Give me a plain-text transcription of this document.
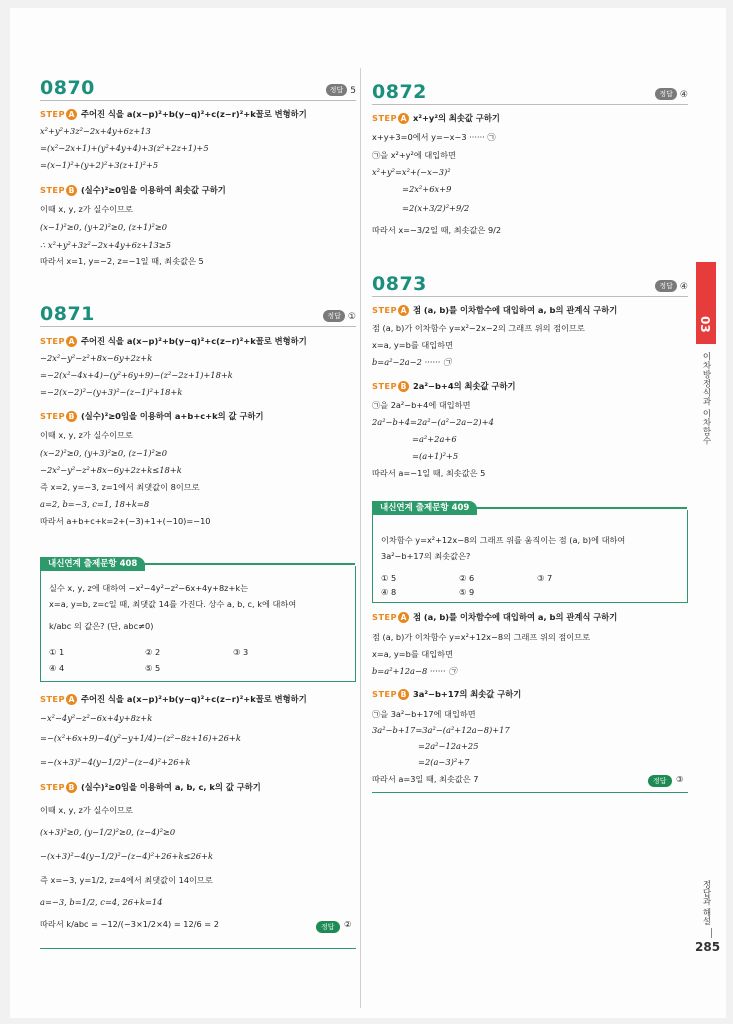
0870	정답 5
STEP A 주어진 식을 a(x−p)²+b(y−q)²+c(z−r)²+k꼴로 변형하기
x²+y²+3z²−2x+4y+6z+13
=(x²−2x+1)+(y²+4y+4)+3(z²+2z+1)+5
=(x−1)²+(y+2)²+3(z+1)²+5
STEP B (실수)²≥0임을 이용하여 최솟값 구하기
이때 x, y, z가 실수이므로
(x−1)²≥0, (y+2)²≥0, (z+1)²≥0
∴ x²+y²+3z²−2x+4y+6z+13≥5
따라서 x=1, y=−2, z=−1일 때, 최솟값은 5
0871	정답 ①
STEP A 주어진 식을 a(x−p)²+b(y−q)²+c(z−r)²+k꼴로 변형하기
−2x²−y²−z²+8x−6y+2z+k
=−2(x²−4x+4)−(y²+6y+9)−(z²−2z+1)+18+k
=−2(x−2)²−(y+3)²−(z−1)²+18+k
STEP B (실수)²≥0임을 이용하여 a+b+c+k의 값 구하기
이때 x, y, z가 실수이므로
(x−2)²≥0, (y+3)²≥0, (z−1)²≥0
−2x²−y²−z²+8x−6y+2z+k≤18+k
즉 x=2, y=−3, z=1에서 최댓값이 8이므로
a=2, b=−3, c=1, 18+k=8
따라서 a+b+c+k=2+(−3)+1+(−10)=−10
내신연계 출제문항 408
실수 x, y, z에 대하여 −x²−4y²−z²−6x+4y+8z+k는
x=a, y=b, z=c일 때, 최댓값 14를 가진다. 상수 a, b, c, k에 대하여
k/abc 의 값은? (단, abc≠0)
① 1	② 2	③ 3
④ 4	⑤ 5
STEP A 주어진 식을 a(x−p)²+b(y−q)²+c(z−r)²+k꼴로 변형하기
−x²−4y²−z²−6x+4y+8z+k
=−(x²+6x+9)−4(y²−y+1/4)−(z²−8z+16)+26+k
=−(x+3)²−4(y−1/2)²−(z−4)²+26+k
STEP B (실수)²≥0임을 이용하여 a, b, c, k의 값 구하기
이때 x, y, z가 실수이므로
(x+3)²≥0, (y−1/2)²≥0, (z−4)²≥0
−(x+3)²−4(y−1/2)²−(z−4)²+26+k≤26+k
즉 x=−3, y=1/2, z=4에서 최댓값이 14이므로
a=−3, b=1/2, c=4, 26+k=14
따라서 k/abc = −12/(−3×1/2×4) = 12/6 = 2	정답	②
0872	정답 ④
STEP A x²+y²의 최솟값 구하기
x+y+3=0에서 y=−x−3 ······ ㉠
㉠을 x²+y²에 대입하면
x²+y²=x²+(−x−3)²
=2x²+6x+9
=2(x+3/2)²+9/2
따라서 x=−3/2일 때, 최솟값은 9/2
0873	정답 ④
STEP A 점 (a, b)를 이차함수에 대입하여 a, b의 관계식 구하기
점 (a, b)가 이차함수 y=x²−2x−2의 그래프 위의 점이므로
x=a, y=b를 대입하면
b=a²−2a−2 ······ ㉠
STEP B 2a²−b+4의 최솟값 구하기
㉠을 2a²−b+4에 대입하면
2a²−b+4=2a²−(a²−2a−2)+4
=a²+2a+6
=(a+1)²+5
따라서 a=−1일 때, 최솟값은 5
내신연계 출제문항 409
이차함수 y=x²+12x−8의 그래프 위를 움직이는 점 (a, b)에 대하여
3a²−b+17의 최솟값은?
① 5	② 6	③ 7
④ 8	⑤ 9
STEP A 점 (a, b)를 이차함수에 대입하여 a, b의 관계식 구하기
점 (a, b)가 이차함수 y=x²+12x−8의 그래프 위의 점이므로
x=a, y=b를 대입하면
b=a²+12a−8 ······ ㉠
STEP B 3a²−b+17의 최솟값 구하기
㉠을 3a²−b+17에 대입하면
3a²−b+17=3a²−(a²+12a−8)+17
=2a²−12a+25
=2(a−3)²+7
따라서 a=3일 때, 최솟값은 7	정답	③
03
이차방정식과 이차함수
정답과 해설
285
